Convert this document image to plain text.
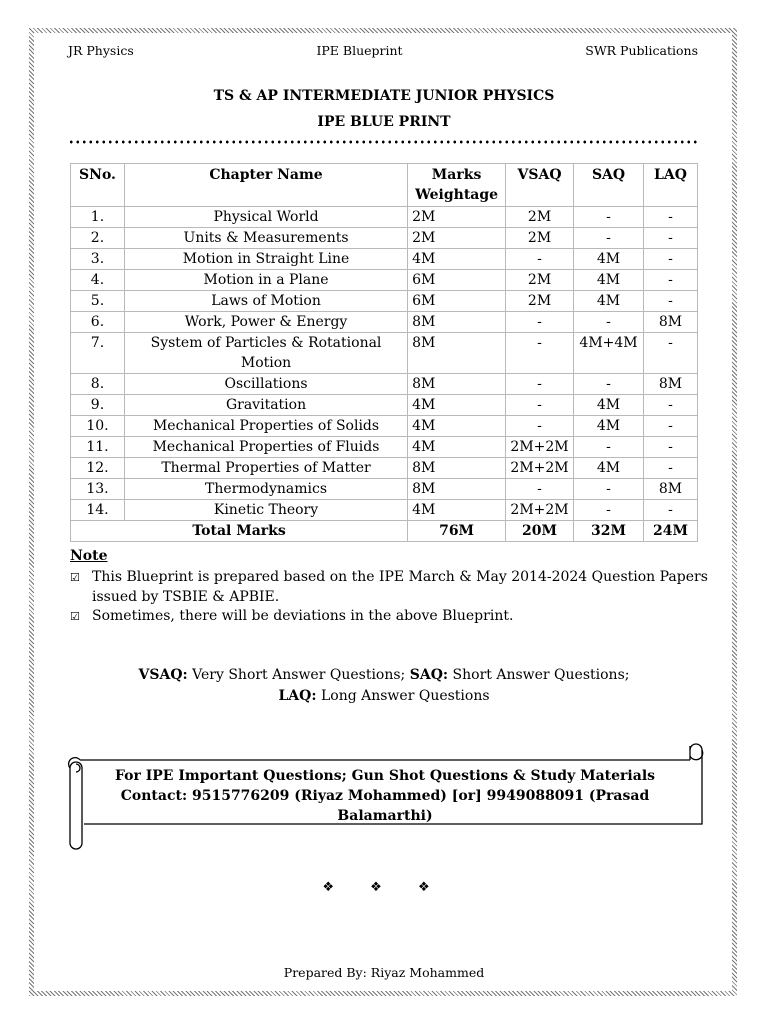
JR Physics	IPE Blueprint	SWR Publications
TS & AP INTERMEDIATE JUNIOR PHYSICS
IPE BLUE PRINT
SNo.	Chapter Name	Marks Weightage	VSAQ	SAQ	LAQ
1.	Physical World	2M	2M	-	-
2.	Units & Measurements	2M	2M	-	-
3.	Motion in Straight Line	4M	-	4M	-
4.	Motion in a Plane	6M	2M	4M	-
5.	Laws of Motion	6M	2M	4M	-
6.	Work, Power & Energy	8M	-	-	8M
7.	System of Particles & Rotational Motion	8M	-	4M+4M	-
8.	Oscillations	8M	-	-	8M
9.	Gravitation	4M	-	4M	-
10.	Mechanical Properties of Solids	4M	-	4M	-
11.	Mechanical Properties of Fluids	4M	2M+2M	-	-
12.	Thermal Properties of Matter	8M	2M+2M	4M	-
13.	Thermodynamics	8M	-	-	8M
14.	Kinetic Theory	4M	2M+2M	-	-
Total Marks		76M	20M	32M	24M
Note
☑ This Blueprint is prepared based on the IPE March & May 2014-2024 Question Papers issued by TSBIE & APBIE.
☑ Sometimes, there will be deviations in the above Blueprint.
VSAQ: Very Short Answer Questions; SAQ: Short Answer Questions;
LAQ: Long Answer Questions
For IPE Important Questions; Gun Shot Questions & Study Materials
Contact: 9515776209 (Riyaz Mohammed) [or] 9949088091 (Prasad Balamarthi)
❖ ❖ ❖
Prepared By: Riyaz Mohammed
